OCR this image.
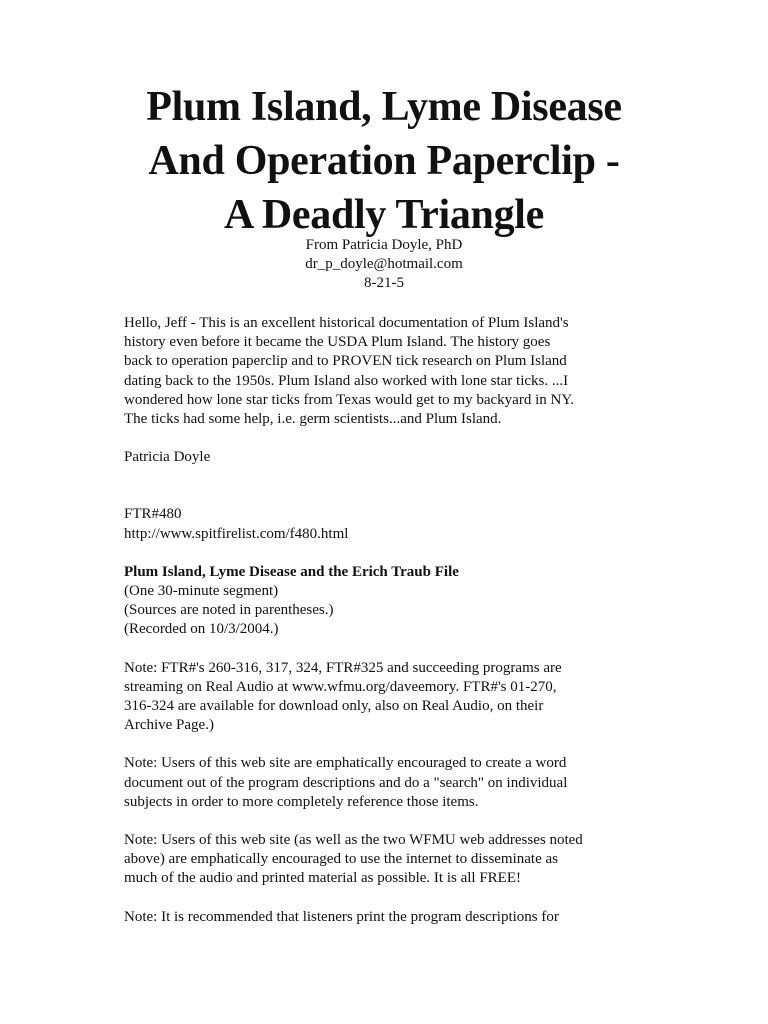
Plum Island, Lyme Disease
And Operation Paperclip -
A Deadly Triangle
From Patricia Doyle, PhD
dr_p_doyle@hotmail.com
8-21-5
Hello, Jeff - This is an excellent historical documentation of Plum Island's
history even before it became the USDA Plum Island. The history goes
back to operation paperclip and to PROVEN tick research on Plum Island
dating back to the 1950s. Plum Island also worked with lone star ticks. ...I
wondered how lone star ticks from Texas would get to my backyard in NY.
The ticks had some help, i.e. germ scientists...and Plum Island.
Patricia Doyle
FTR#480
http://www.spitfirelist.com/f480.html
Plum Island, Lyme Disease and the Erich Traub File
(One 30-minute segment)
(Sources are noted in parentheses.)
(Recorded on 10/3/2004.)
Note: FTR#'s 260-316, 317, 324, FTR#325 and succeeding programs are
streaming on Real Audio at www.wfmu.org/daveemory. FTR#'s 01-270,
316-324 are available for download only, also on Real Audio, on their
Archive Page.)
Note: Users of this web site are emphatically encouraged to create a word
document out of the program descriptions and do a "search" on individual
subjects in order to more completely reference those items.
Note: Users of this web site (as well as the two WFMU web addresses noted
above) are emphatically encouraged to use the internet to disseminate as
much of the audio and printed material as possible. It is all FREE!
Note: It is recommended that listeners print the program descriptions for
